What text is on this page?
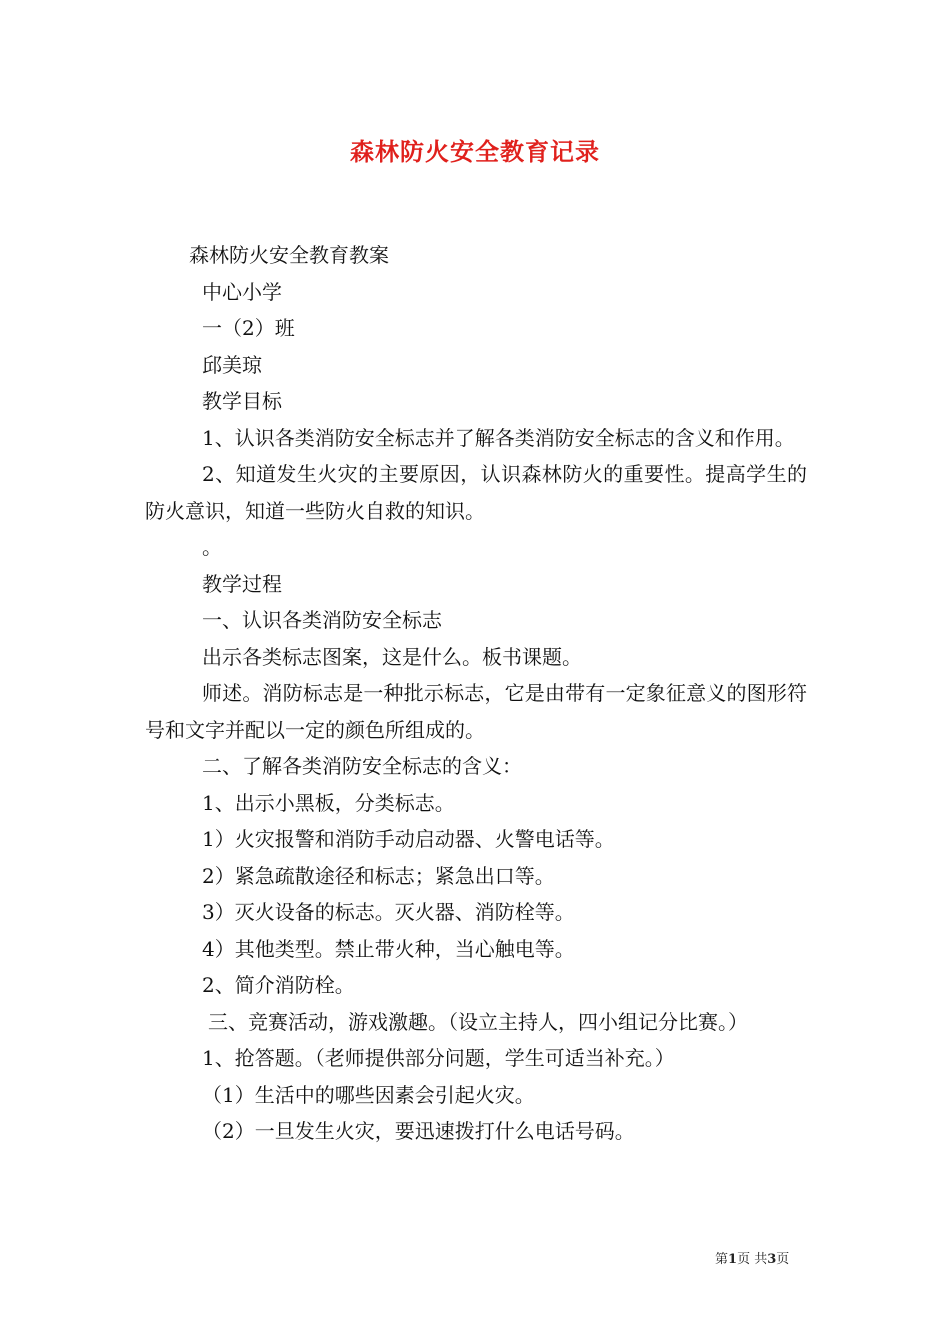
森林防火安全教育记录

森林防火安全教育教案

中心小学

一（2）班

邱美琼

教学目标

1、认识各类消防安全标志并了解各类消防安全标志的含义和作用。

2、知道发生火灾的主要原因，认识森林防火的重要性。提高学生的防火意识，知道一些防火自救的知识。

。

教学过程

一、认识各类消防安全标志

出示各类标志图案，这是什么。板书课题。

师述。消防标志是一种批示标志，它是由带有一定象征意义的图形符号和文字并配以一定的颜色所组成的。

二、了解各类消防安全标志的含义：

1、出示小黑板，分类标志。

1）火灾报警和消防手动启动器、火警电话等。

2）紧急疏散途径和标志；紧急出口等。

3）灭火设备的标志。灭火器、消防栓等。

4）其他类型。禁止带火种，当心触电等。

2、简介消防栓。

三、竞赛活动，游戏激趣。（设立主持人，四小组记分比赛。）

1、抢答题。（老师提供部分问题，学生可适当补充。）

（1）生活中的哪些因素会引起火灾。

（2）一旦发生火灾，要迅速拨打什么电话号码。

第1页 共3页
